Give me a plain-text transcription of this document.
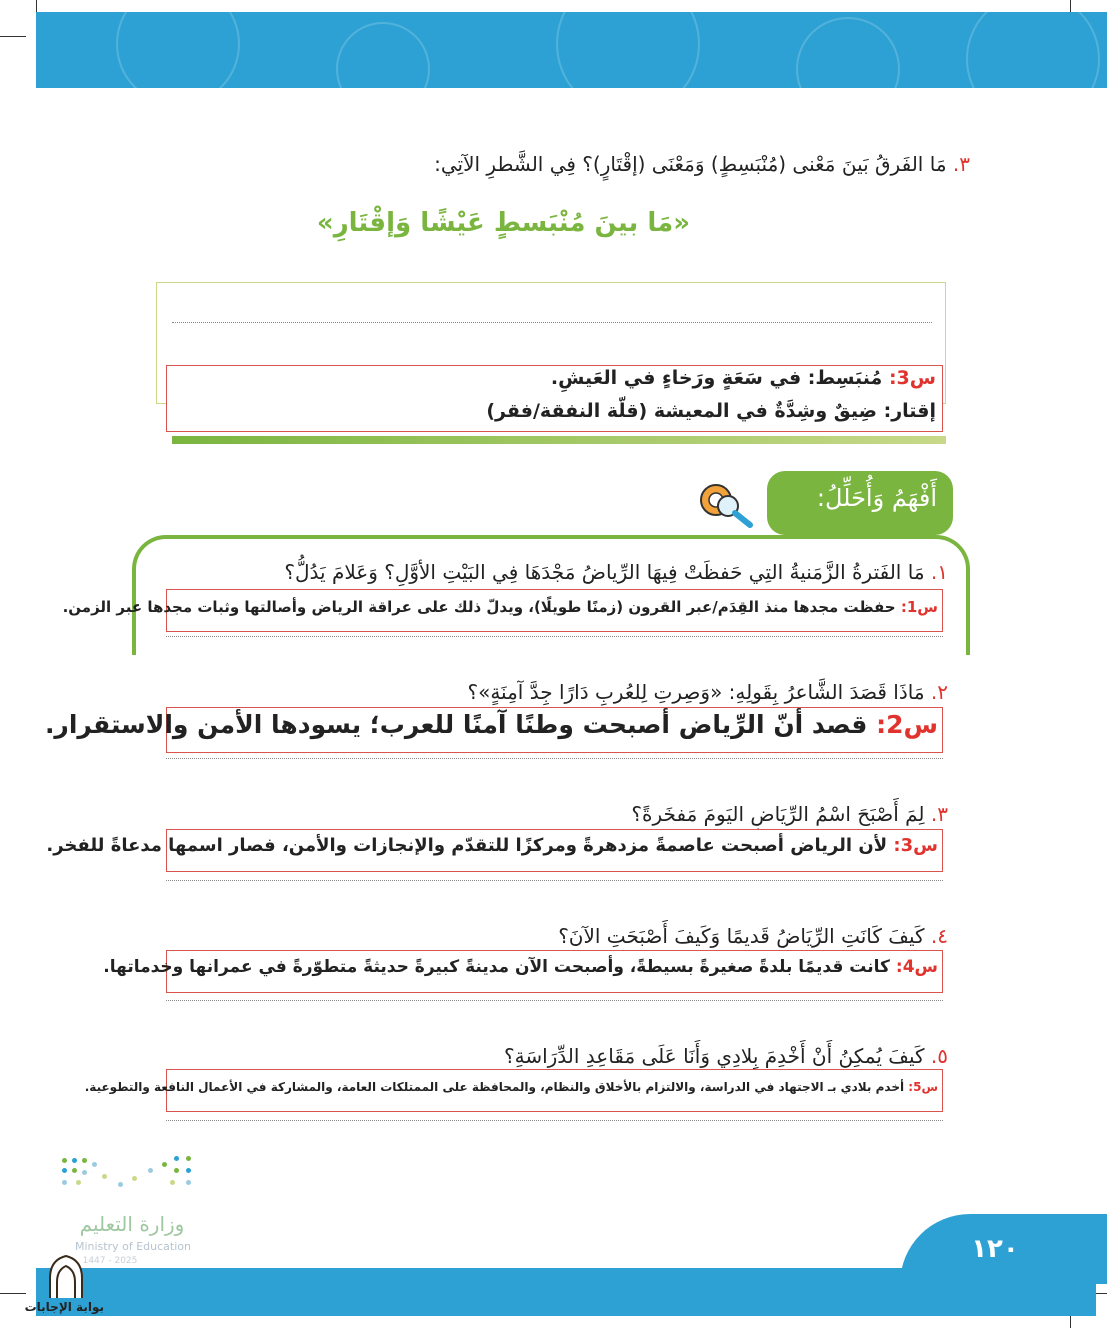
٣. مَا الفَرقُ بَينَ مَعْنى (مُنْبَسِطٍ) وَمَعْنَى (إقْتَارٍ)؟ فِي الشَّطرِ الآتِي:
«مَا بينَ مُنْبَسطٍ عَيْشًا وَإقْتَارِ»
س3: مُنبَسِط: في سَعَةٍ ورَخاءٍ في العَيشِ.
إقتار: ضِيقٌ وشِدَّةٌ في المعيشة (قلّة النفقة/فقر)
أَفْهَمُ وَأُحَلِّلُ:
١. مَا الفَترةُ الزَّمَنيةُ التِي حَفظَتْ فِيهَا الرِّياضُ مَجْدَهَا فِي البَيْتِ الأوَّلِ؟ وَعَلامَ يَدُلُّ؟
س1: حفظت مجدها منذ القِدَم/عبر القرون (زمنًا طويلًا)، ويدلّ ذلك على عراقة الرياض وأصالتها وثبات مجدها عبر الزمن.
٢. مَاذَا قَصَدَ الشَّاعرُ بِقَولِهِ: «وَصِرتِ لِلعُربِ دَارًا جِدَّ آمِنَةٍ»؟
س2: قصد أنّ الرِّياض أصبحت وطنًا آمنًا للعرب؛ يسودها الأمن والاستقرار.
٣. لِمَ أَصْبَحَ اسْمُ الرِّيَاضِ اليَومَ مَفخَرةً؟
س3: لأن الرياض أصبحت عاصمةً مزدهرةً ومركزًا للتقدّم والإنجازات والأمن، فصار اسمها مدعاةً للفخر.
٤. كَيفَ كَانَتِ الرِّيَاضُ قَديمًا وَكَيفَ أَصْبَحَتِ الآنَ؟
س4: كانت قديمًا بلدةً صغيرةً بسيطةً، وأصبحت الآن مدينةً كبيرةً حديثةً متطوّرةً في عمرانها وخدماتها.
٥. كَيفَ يُمكِنُ أَنْ أَخْدِمَ بِلادِي وَأَنَا عَلَى مَقَاعِدِ الدِّرَاسَةِ؟
س5: أخدم بلادي بـ الاجتهاد في الدراسة، والالتزام بالأخلاق والنظام، والمحافظة على الممتلكات العامة، والمشاركة في الأعمال النافعة والتطوعية.
وزارة التعليم
Ministry of Education
1447 - 2025	١٢٠
بوابة الإجابات
